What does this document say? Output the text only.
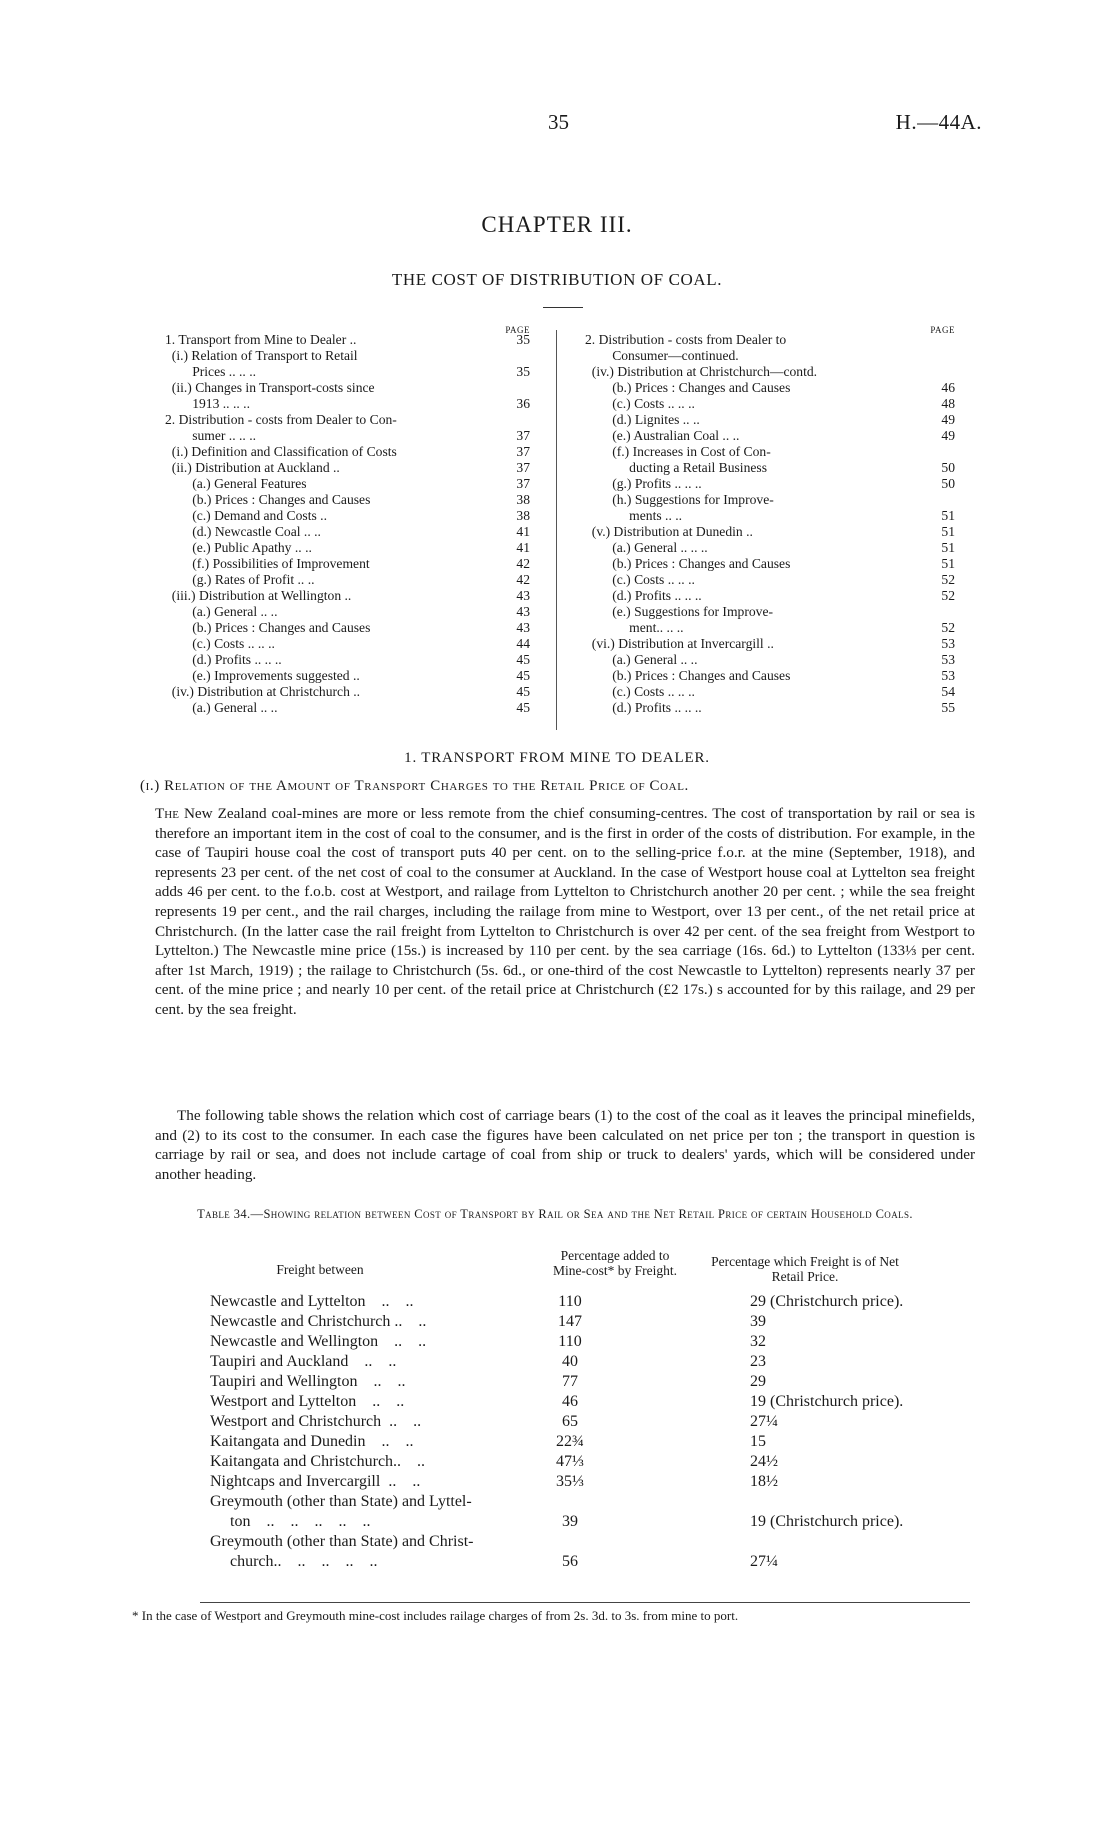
35	H.—44A.
CHAPTER III.
THE COST OF DISTRIBUTION OF COAL.
PAGE
1. Transport from Mine to Dealer ..	35
(i.) Relation of Transport to Retail
Prices .. .. ..	35
(ii.) Changes in Transport-costs since
1913 .. .. ..	36
2. Distribution - costs from Dealer to Con-
sumer .. .. ..	37
(i.) Definition and Classification of Costs	37
(ii.) Distribution at Auckland ..	37
(a.) General Features	37
(b.) Prices : Changes and Causes	38
(c.) Demand and Costs ..	38
(d.) Newcastle Coal .. ..	41
(e.) Public Apathy .. ..	41
(f.) Possibilities of Improvement	42
(g.) Rates of Profit .. ..	42
(iii.) Distribution at Wellington ..	43
(a.) General .. ..	43
(b.) Prices : Changes and Causes	43
(c.) Costs .. .. ..	44
(d.) Profits .. .. ..	45
(e.) Improvements suggested ..	45
(iv.) Distribution at Christchurch ..	45
(a.) General .. ..	45
PAGE
2. Distribution - costs from Dealer to
Consumer—continued.
(iv.) Distribution at Christchurch—contd.
(b.) Prices : Changes and Causes	46
(c.) Costs .. .. ..	48
(d.) Lignites .. ..	49
(e.) Australian Coal .. ..	49
(f.) Increases in Cost of Con-
ducting a Retail Business	50
(g.) Profits .. .. ..	50
(h.) Suggestions for Improve-
ments .. ..	51
(v.) Distribution at Dunedin ..	51
(a.) General .. .. ..	51
(b.) Prices : Changes and Causes	51
(c.) Costs .. .. ..	52
(d.) Profits .. .. ..	52
(e.) Suggestions for Improve-
ment.. .. ..	52
(vi.) Distribution at Invercargill ..	53
(a.) General .. ..	53
(b.) Prices : Changes and Causes	53
(c.) Costs .. .. ..	54
(d.) Profits .. .. ..	55
1. TRANSPORT FROM MINE TO DEALER.
(i.) Relation of the Amount of Transport Charges to the Retail Price of Coal.
The New Zealand coal-mines are more or less remote from the chief consuming-centres. The cost of transportation by rail or sea is therefore an important item in the cost of coal to the consumer, and is the first in order of the costs of distribution. For example, in the case of Taupiri house coal the cost of transport puts 40 per cent. on to the selling-price f.o.r. at the mine (September, 1918), and represents 23 per cent. of the net cost of coal to the consumer at Auckland. In the case of Westport house coal at Lyttelton sea freight adds 46 per cent. to the f.o.b. cost at Westport, and railage from Lyttelton to Christchurch another 20 per cent. ; while the sea freight represents 19 per cent., and the rail charges, including the railage from mine to Westport, over 13 per cent., of the net retail price at Christchurch. (In the latter case the rail freight from Lyttelton to Christchurch is over 42 per cent. of the sea freight from Westport to Lyttelton.) The Newcastle mine price (15s.) is increased by 110 per cent. by the sea carriage (16s. 6d.) to Lyttelton (133⅓ per cent. after 1st March, 1919) ; the railage to Christchurch (5s. 6d., or one-third of the cost Newcastle to Lyttelton) represents nearly 37 per cent. of the mine price ; and nearly 10 per cent. of the retail price at Christchurch (£2 17s.) s accounted for by this railage, and 29 per cent. by the sea freight.
The following table shows the relation which cost of carriage bears (1) to the cost of the coal as it leaves the principal minefields, and (2) to its cost to the consumer. In each case the figures have been calculated on net price per ton ; the transport in question is carriage by rail or sea, and does not include cartage of coal from ship or truck to dealers' yards, which will be considered under another heading.
Table 34.—Showing relation between Cost of Transport by Rail or Sea and the Net Retail Price of certain Household Coals.
Freight between
Percentage added to Mine-cost* by Freight.
Percentage which Freight is of Net Retail Price.
Newcastle and Lyttelton    ..    ..	110	29 (Christchurch price).
Newcastle and Christchurch ..    ..	147	39
Newcastle and Wellington    ..    ..	110	32
Taupiri and Auckland    ..    ..	40	23
Taupiri and Wellington    ..    ..	77	29
Westport and Lyttelton    ..    ..	46	19 (Christchurch price).
Westport and Christchurch  ..    ..	65	27¼
Kaitangata and Dunedin    ..    ..	22¾	15
Kaitangata and Christchurch..    ..	47⅓	24½
Nightcaps and Invercargill  ..    ..	35⅓	18½
Greymouth (other than State) and Lyttel-
ton    ..    ..    ..    ..    ..	39	19 (Christchurch price).
Greymouth (other than State) and Christ-
church..    ..    ..    ..    ..	56	27¼
* In the case of Westport and Greymouth mine-cost includes railage charges of from 2s. 3d. to 3s. from mine to port.
